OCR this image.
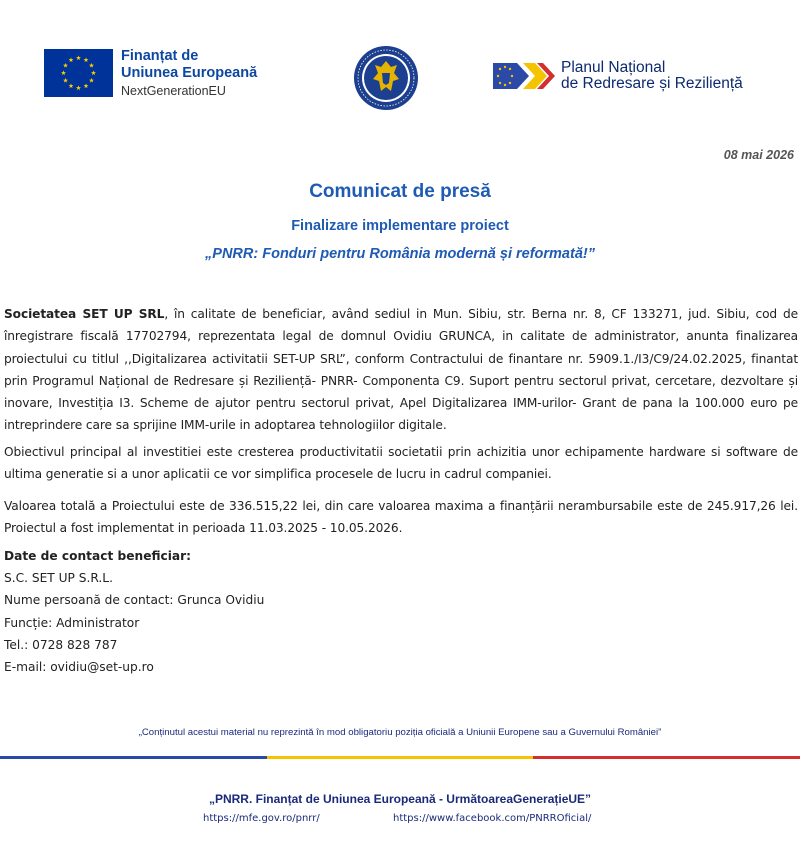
Finanțat de
Uniunea Europeană
NextGenerationEU
Planul Național
de Redresare și Reziliență
08 mai 2026
Comunicat de presă
Finalizare implementare proiect
„PNRR: Fonduri pentru România modernă și reformată!”

Societatea SET UP SRL, în calitate de beneficiar, având sediul in Mun. Sibiu, str. Berna nr. 8, CF 133271, jud. Sibiu, cod de înregistrare fiscală 17702794, reprezentata legal de domnul Ovidiu GRUNCA, in calitate de administrator, anunta finalizarea proiectului cu titlul ,,Digitalizarea activitatii SET-UP SRL”, conform Contractului de finantare nr. 5909.1./I3/C9/24.02.2025, finantat prin Programul Național de Redresare și Reziliență- PNRR- Componenta C9. Suport pentru sectorul privat, cercetare, dezvoltare și inovare, Investiția I3. Scheme de ajutor pentru sectorul privat, Apel Digitalizarea IMM-urilor- Grant de pana la 100.000 euro pe intreprindere care sa sprijine IMM-urile in adoptarea tehnologiilor digitale.

Obiectivul principal al investitiei este cresterea productivitatii societatii prin achizitia unor echipamente hardware si software de ultima generatie si a unor aplicatii ce vor simplifica procesele de lucru in cadrul companiei.

Valoarea totală a Proiectului este de 336.515,22 lei, din care valoarea maxima a finanțării nerambursabile este de 245.917,26 lei. Proiectul a fost implementat in perioada 11.03.2025 - 10.05.2026.

Date de contact beneficiar:
S.C. SET UP S.R.L.
Nume persoană de contact: Grunca Ovidiu
Funcție: Administrator
Tel.: 0728 828 787
E-mail: ovidiu@set-up.ro
„Conținutul acestui material nu reprezintă în mod obligatoriu poziția oficială a Uniunii Europene sau a Guvernului României”
„PNRR. Finanțat de Uniunea Europeană - UrmătoareaGenerațieUE”
https://mfe.gov.ro/pnrr/	https://www.facebook.com/PNRROficial/
